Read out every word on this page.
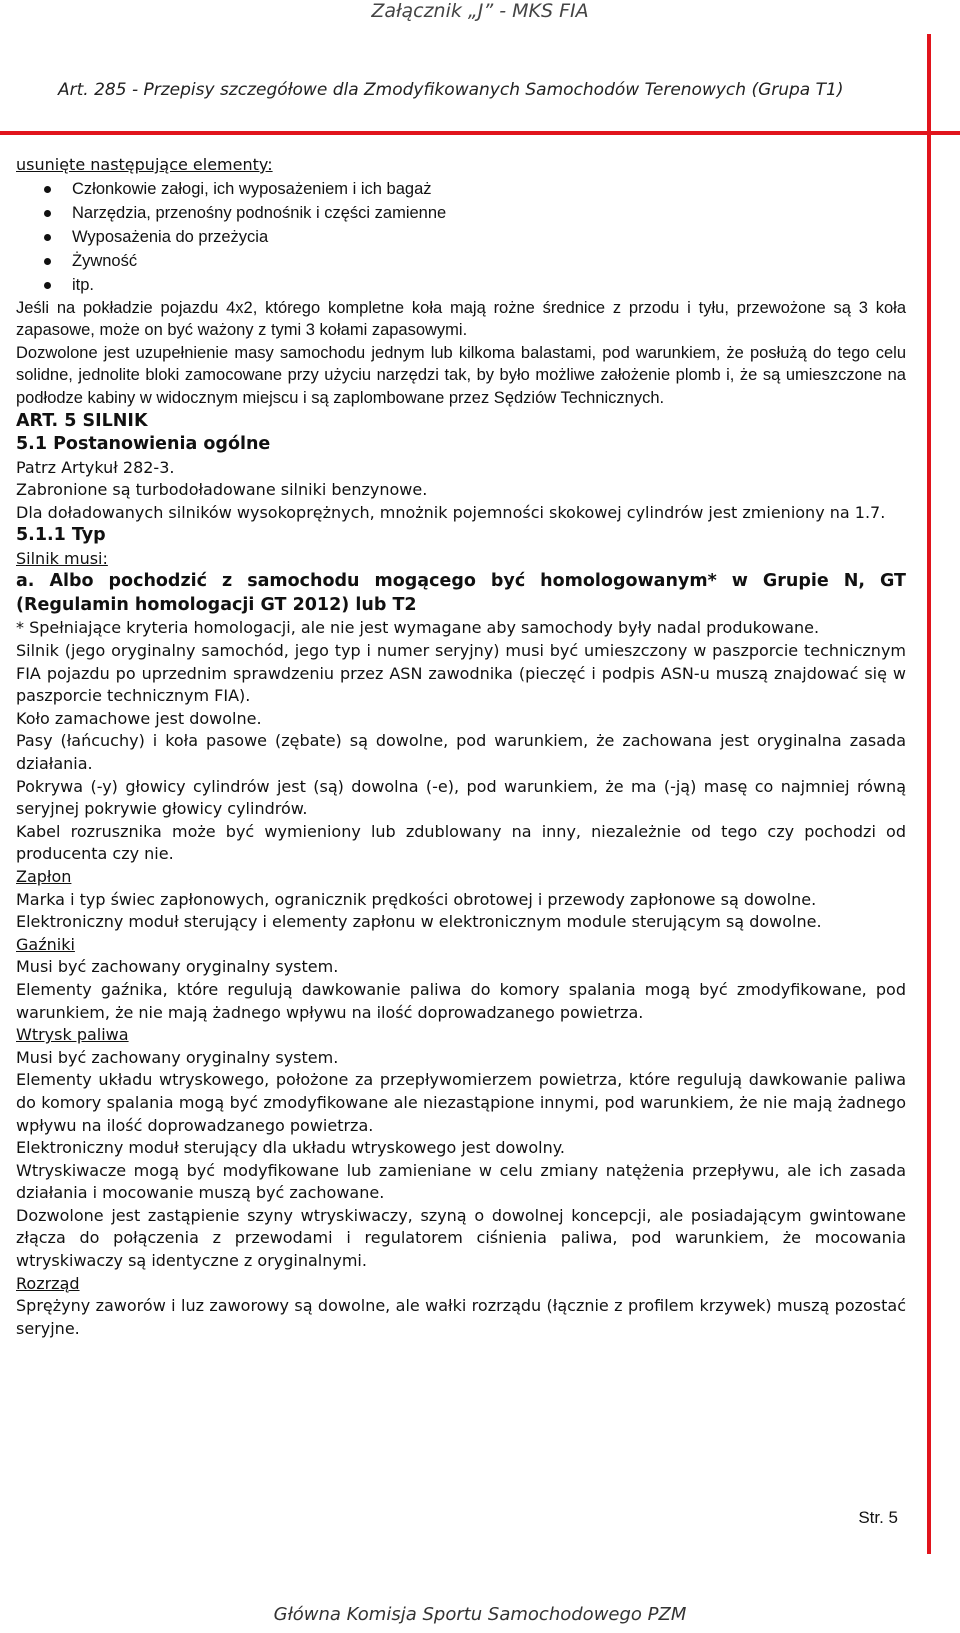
Załącznik „J” - MKS FIA
Art. 285 - Przepisy szczegółowe dla Zmodyfikowanych Samochodów Terenowych (Grupa T1)

usunięte następujące elementy:

Członkowie załogi, ich wyposażeniem i ich bagaż
Narzędzia, przenośny podnośnik i części zamienne
Wyposażenia do przeżycia
Żywność
itp.

Jeśli na pokładzie pojazdu 4x2, którego kompletne koła mają rożne średnice z przodu i tyłu, przewożone są 3 koła zapasowe, może on być ważony z tymi 3 kołami zapasowymi.

Dozwolone jest uzupełnienie masy samochodu jednym lub kilkoma balastami, pod warunkiem, że posłużą do tego celu solidne, jednolite bloki zamocowane przy użyciu narzędzi tak, by było możliwe założenie plomb i, że są umieszczone na podłodze kabiny w widocznym miejscu i są zaplombowane przez Sędziów Technicznych.

ART. 5 SILNIK

5.1 Postanowienia ogólne

Patrz Artykuł 282-3.

Zabronione są turbodoładowane silniki benzynowe.

Dla doładowanych silników wysokoprężnych, mnożnik pojemności skokowej cylindrów jest zmieniony na 1.7.

5.1.1 Typ

Silnik musi:

a. Albo pochodzić z samochodu mogącego być homologowanym* w Grupie N, GT (Regulamin homologacji GT 2012) lub T2

* Spełniające kryteria homologacji, ale nie jest wymagane aby samochody były nadal produkowane.

Silnik (jego oryginalny samochód, jego typ i numer seryjny) musi być umieszczony w paszporcie technicznym FIA pojazdu po uprzednim sprawdzeniu przez ASN zawodnika (pieczęć i podpis ASN-u muszą znajdować się w paszporcie technicznym FIA).

Koło zamachowe jest dowolne.

Pasy (łańcuchy) i koła pasowe (zębate) są dowolne, pod warunkiem, że zachowana jest oryginalna zasada działania.

Pokrywa (-y) głowicy cylindrów jest (są) dowolna (-e), pod warunkiem, że ma (-ją) masę co najmniej równą seryjnej pokrywie głowicy cylindrów.

Kabel rozrusznika może być wymieniony lub zdublowany na inny, niezależnie od tego czy pochodzi od producenta czy nie.

Zapłon

Marka i typ świec zapłonowych, ogranicznik prędkości obrotowej i przewody zapłonowe są dowolne.

Elektroniczny moduł sterujący i elementy zapłonu w elektronicznym module sterującym są dowolne.

Gaźniki

Musi być zachowany oryginalny system.

Elementy gaźnika, które regulują dawkowanie paliwa do komory spalania mogą być zmodyfikowane, pod warunkiem, że nie mają żadnego wpływu na ilość doprowadzanego powietrza.

Wtrysk paliwa

Musi być zachowany oryginalny system.

Elementy układu wtryskowego, położone za przepływomierzem powietrza, które regulują dawkowanie paliwa do komory spalania mogą być zmodyfikowane ale niezastąpione innymi, pod warunkiem, że nie mają żadnego wpływu na ilość doprowadzanego powietrza.

Elektroniczny moduł sterujący dla układu wtryskowego jest dowolny.

Wtryskiwacze mogą być modyfikowane lub zamieniane w celu zmiany natężenia przepływu, ale ich zasada działania i mocowanie muszą być zachowane.

Dozwolone jest zastąpienie szyny wtryskiwaczy, szyną o dowolnej koncepcji, ale posiadającym gwintowane złącza do połączenia z przewodami i regulatorem ciśnienia paliwa, pod warunkiem, że mocowania wtryskiwaczy są identyczne z oryginalnymi.

Rozrząd

Sprężyny zaworów i luz zaworowy są dowolne, ale wałki rozrządu (łącznie z profilem krzywek) muszą pozostać seryjne.

Str. 5
Główna Komisja Sportu Samochodowego PZM
